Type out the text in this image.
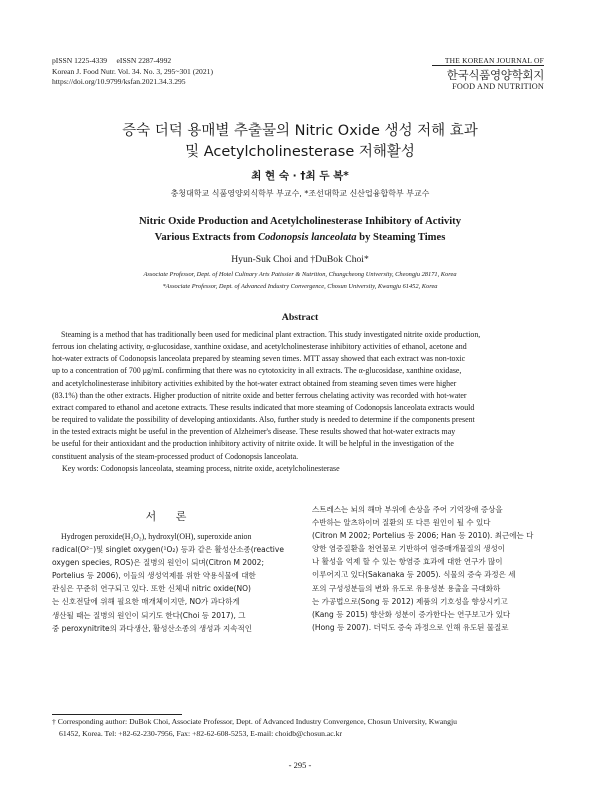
pISSN 1225-4339     eISSN 2287-4992
Korean J. Food Nutr. Vol. 34. No. 3, 295~301 (2021)
https://doi.org/10.9799/ksfan.2021.34.3.295
THE KOREAN JOURNAL OF
한국식품영양학회지
FOOD AND NUTRITION
증숙 더덕 용매별 추출물의 Nitric Oxide 생성 저해 효과
및 Acetylcholinesterase 저해활성
최 현 숙 · †최 두 복*
충청대학교 식품영양외식학부 부교수, *조선대학교 신산업융합학부 부교수
Nitric Oxide Production and Acetylcholinesterase Inhibitory of Activity
Various Extracts from Codonopsis lanceolata by Steaming Times
Hyun-Suk Choi and †DuBok Choi*
Associate Professor, Dept. of Hotel Culinary Arts Patissier & Nutrition, Chungcheong University, Cheongju 28171, Korea
*Associate Professor, Dept. of Advanced Industry Convergence, Chosun University, Kwangju 61452, Korea
Abstract
Steaming is a method that has traditionally been used for medicinal plant extraction. This study investigated nitrite oxide production,
ferrous ion chelating activity, α-glucosidase, xanthine oxidase, and acetylcholinesterase inhibitory activities of ethanol, acetone and
hot-water extracts of Codonopsis lanceolata prepared by steaming seven times. MTT assay showed that each extract was non-toxic
up to a concentration of 700 μg/mL confirming that there was no cytotoxicity in all extracts. The α-glucosidase, xanthine oxidase,
and acetylcholinesterase inhibitory activities exhibited by the hot-water extract obtained from steaming seven times were higher
(83.1%) than the other extracts. Higher production of nitrite oxide and better ferrous chelating activity was recorded with hot-water
extract compared to ethanol and acetone extracts. These results indicated that more steaming of Codonopsis lanceolata extracts would
be required to validate the possibility of developing antioxidants. Also, further study is needed to determine if the components present
in the tested extracts might be useful in the prevention of Alzheimer's disease. These results showed that hot-water extracts may
be useful for their antioxidant and the production inhibitory activity of nitrite oxide. It will be helpful in the investigation of the
constituent analysis of the steam-processed product of Codonopsis lanceolata.
Key words: Codonopsis lanceolata, steaming process, nitrite oxide, acetylcholinesterase
서 론
Hydrogen peroxide(H₂O₂), hydroxyl(OH), superoxide anion
radical(O²⁻)및 singlet oxygen(¹O₂) 등과 같은 활성산소종(reactive
oxygen species, ROS)은 질병의 원인이 되며(Citron M 2002;
Portelius 등 2006), 이들의 생성억제를 위한 약용식물에 대한
관심은 꾸준히 연구되고 있다. 또한 신체내 nitric oxide(NO)
는 신호전달에 위해 필요한 매개체이지만, NO가 과다하게
생산될 때는 질병의 원인이 되기도 한다(Choi 등 2017), 그
중 peroxynitrite의 과다생산, 활성산소종의 생성과 지속적인
스트레스는 뇌의 해마 부위에 손상을 주어 기억장애 증상을
수반하는 알츠하이머 질환의 또 다른 원인이 될 수 있다
(Citron M 2002; Portelius 등 2006; Han 등 2010). 최근에는 다
양한 염증질환을 천연물로 기반하여 염증매개물질의 생성이
나 활성을 억제 할 수 있는 항염증 효과에 대한 연구가 많이
이루어지고 있다(Sakanaka 등 2005). 식물의 증숙 과정은 세
포의 구성성분들의 변화 유도로 유용성분 용출을 극대화하
는 가공법으로(Song 등 2012) 제품의 기호성을 향상시키고
(Kang 등 2015) 향산화 성분이 증가한다는 연구보고가 있다
(Hong 등 2007). 더덕도 증숙 과정으로 인해 유도된 물질로
† Corresponding author: DuBok Choi, Associate Professor, Dept. of Advanced Industry Convergence, Chosun University, Kwangju
61452, Korea. Tel: +82-62-230-7956, Fax: +82-62-608-5253, E-mail: choidb@chosun.ac.kr
- 295 -
